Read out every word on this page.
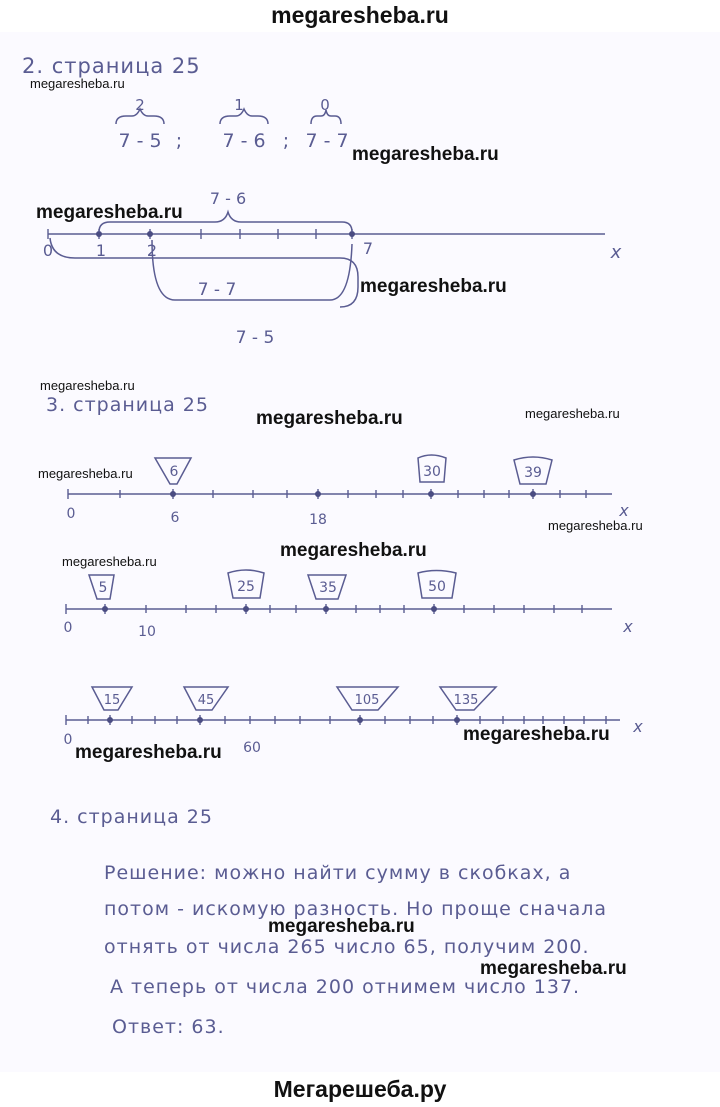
megaresheba.ru
2. страница 25
2	1	0
7 - 5 ; 7 - 6 ; 7 - 7
0	1	2	7	x
7 - 6
7 - 7
7 - 5
3. страница 25
6	30	39
0	6	18	x
5	25	35	50
0	10	x
15	45	105	135
0	60
x
4. страница 25
Решение: можно найти сумму в скобках, а
потом - искомую разность. Но проще сначала
отнять от числа 265 число 65, получим 200.
А теперь от числа 200 отнимем число 137.
Ответ: 63.
megaresheba.ru
megaresheba.ru
megaresheba.ru
megaresheba.ru
megaresheba.ru
megaresheba.ru	megaresheba.ru
megaresheba.ru
megaresheba.ru
megaresheba.ru
megaresheba.ru
megaresheba.ru
megaresheba.ru
megaresheba.ru
megaresheba.ru
Мегарешеба.ру
